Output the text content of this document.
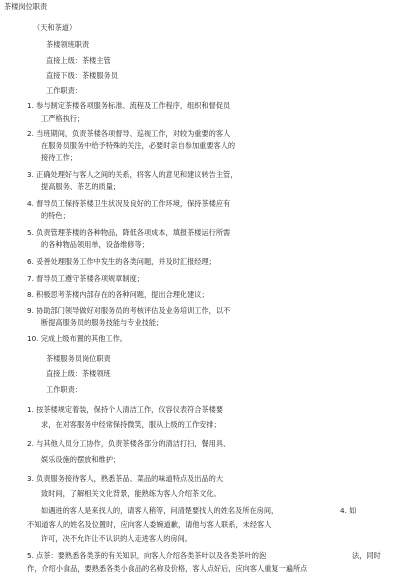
茶楼岗位职责
（天和茶道）
茶楼领班职责
直接上级：茶楼主管
直接下级：茶楼服务员
工作职责：
1. 参与制定茶楼各项服务标准、流程及工作程序，组织和督促员
工严格执行；
2. 当班期间，负责茶楼各项督导、巡视工作，对较为重要的客人
在服务员服务中给予特殊的关注，必要时亲自参加重要客人的
接待工作；
3. 正确处理好与客人之间的关系，将客人的意见和建议转告主管，
提高服务、茶艺的质量；
4. 督导员工保持茶楼卫生状况及良好的工作环境，保持茶楼应有
的特色；
5. 负责管理茶楼的各种物品，降低各项成本，填报茶楼运行所需
的各种物品领用单，设备维修等；
6. 妥善处理服务工作中发生的各类问题，并及时汇报经理；
7. 督导员工遵守茶楼各项规章制度；
8. 积极思考茶楼内部存在的各种问题，提出合理化建议；
9. 协助部门领导做好对服务员的考核评估及业务培训工作，以不
断提高服务员的服务技能与专业技能；
10. 完成上级布置的其他工作。
茶楼服务员岗位职责
直接上级：茶楼领班
工作职责：
1. 按茶楼规定着装，保持个人清洁工作，仪容仪表符合茶楼要
求，在对客服务中经常保持微笑，服从上级的工作安排；
2. 与其他人员分工协作，负责茶楼各部分的清洁打扫，餐用具、
娱乐设施的摆放和维护；
3. 负责服务接待客人，熟悉茶品、菜品的味道特点及出品的大
致时间，了解相关文化背景，能熟练为客人介绍茶文化。
如遇进的客人是来找人的，请客人稍等，问清楚要找人的姓名及所在房间，	4. 如
不知道客人的姓名及位置时，应向客人委婉道歉，请他与客人联系，未经客人
许可，决不允许让不认识的人走进客人的房间。
5. 点茶：要熟悉各类茶的有关知识，向客人介绍各类茶叶以及各类茶叶的泡	法，同时
作，介绍小食品，要熟悉各类小食品的名称及价格，客人点好后，应向客人重复一遍所点
